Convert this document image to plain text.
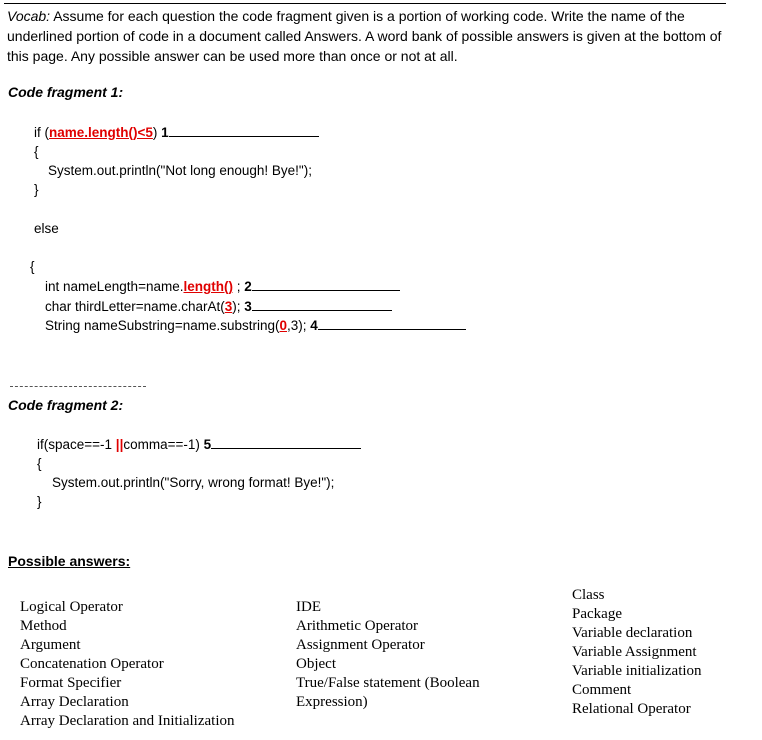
Vocab: Assume for each question the code fragment given is a portion of working code. Write the name of the underlined portion of code in a document called Answers. A word bank of possible answers is given at the bottom of this page. Any possible answer can be used more than once or not at all.
Code fragment 1:
if (name.length()<5) 1
{
System.out.println("Not long enough! Bye!");
}
else
{
int nameLength=name.length() ; 2
char thirdLetter=name.charAt(3); 3
String nameSubstring=name.substring(0,3); 4
Code fragment 2:
if(space==-1 ||comma==-1) 5
{
System.out.println("Sorry, wrong format! Bye!");
}
Possible answers:
Logical Operator
Method
Argument
Concatenation Operator
Format Specifier
Array Declaration
Array Declaration and Initialization
IDE
Arithmetic Operator
Assignment Operator
Object
True/False statement (Boolean
Expression)
Class
Package
Variable declaration
Variable Assignment
Variable initialization
Comment
Relational Operator
